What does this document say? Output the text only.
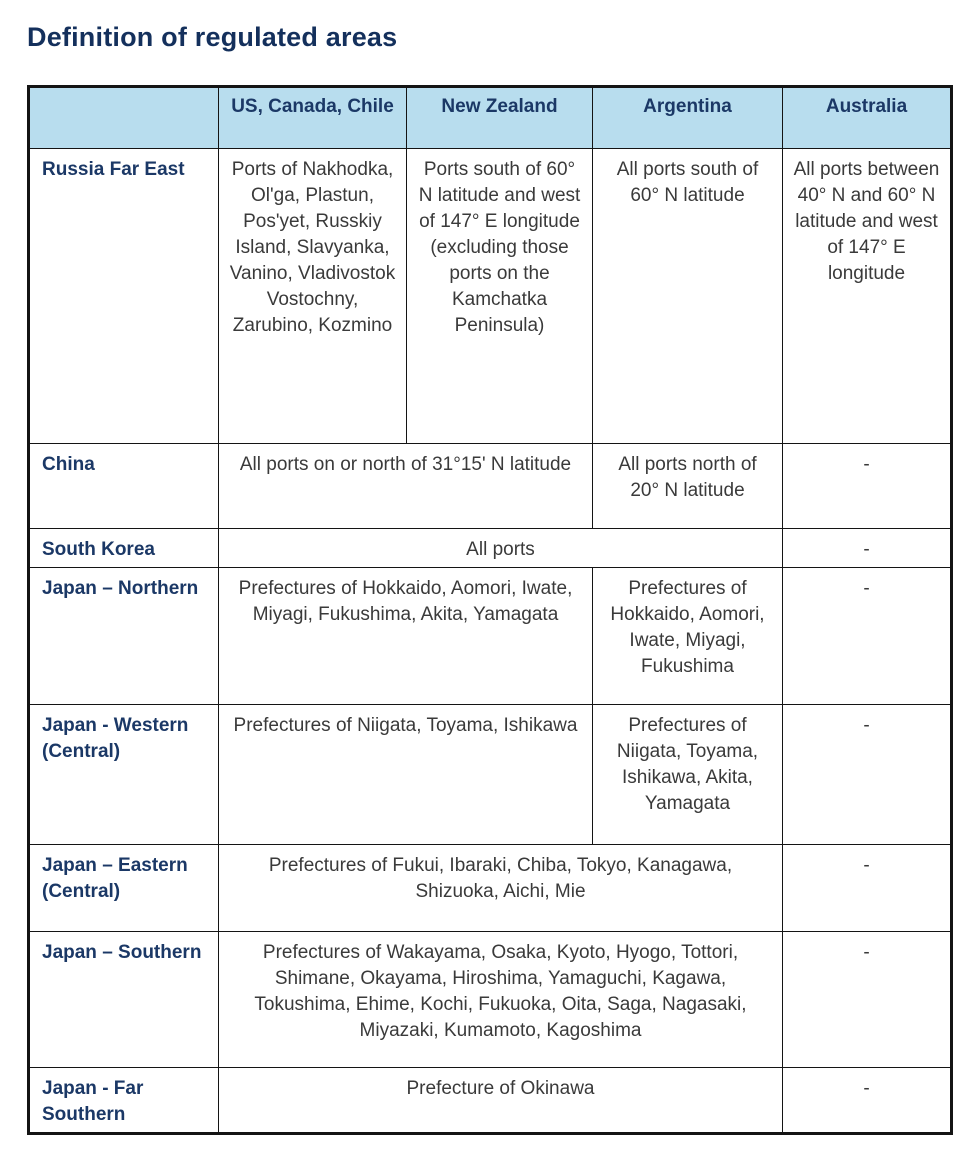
Definition of regulated areas
	US, Canada, Chile	New Zealand	Argentina	Australia
Russia Far East	Ports of Nakhodka, Ol'ga, Plastun, Pos'yet, Russkiy Island, Slavyanka, Vanino, Vladivostok Vostochny, Zarubino, Kozmino	Ports south of 60° N latitude and west of 147° E longitude (excluding those ports on the Kamchatka Peninsula)	All ports south of 60° N latitude	All ports between 40° N and 60° N latitude and west of 147° E longitude
China	All ports on or north of 31°15' N latitude		All ports north of 20° N latitude	-
South Korea	All ports			-
Japan – Northern	Prefectures of Hokkaido, Aomori, Iwate, Miyagi, Fukushima, Akita, Yamagata		Prefectures of Hokkaido, Aomori, Iwate, Miyagi, Fukushima	-
Japan - Western (Central)	Prefectures of Niigata, Toyama, Ishikawa		Prefectures of Niigata, Toyama, Ishikawa, Akita, Yamagata	-
Japan – Eastern (Central)	Prefectures of Fukui, Ibaraki, Chiba, Tokyo, Kanagawa, Shizuoka, Aichi, Mie			-
Japan – Southern	Prefectures of Wakayama, Osaka, Kyoto, Hyogo, Tottori, Shimane, Okayama, Hiroshima, Yamaguchi, Kagawa, Tokushima, Ehime, Kochi, Fukuoka, Oita, Saga, Nagasaki, Miyazaki, Kumamoto, Kagoshima			-
Japan - Far Southern	Prefecture of Okinawa			-
